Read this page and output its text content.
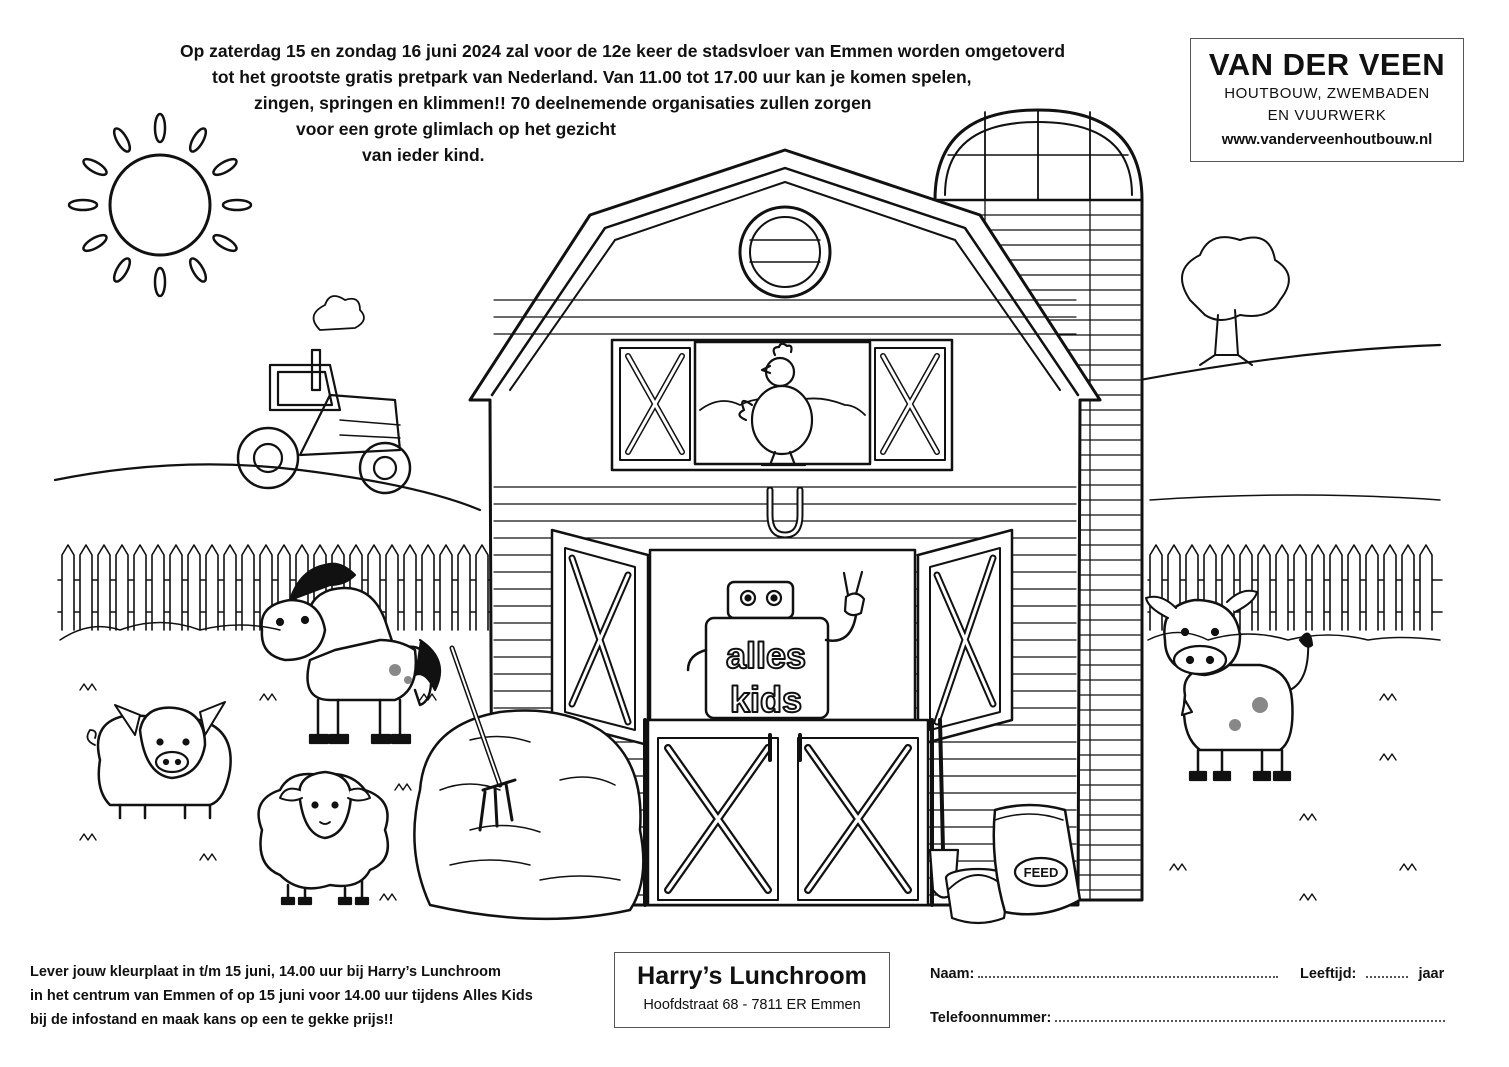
Op zaterdag 15 en zondag 16 juni 2024 zal voor de 12e keer de stadsvloer van Emmen worden omgetoverd
tot het grootste gratis pretpark van Nederland. Van 11.00 tot 17.00 uur kan je komen spelen,
zingen, springen en klimmen!! 70 deelnemende organisaties zullen zorgen
voor een grote glimlach op het gezicht
van ieder kind.
VAN DER VEEN
HOUTBOUW, ZWEMBADEN
EN VUURWERK
www.vanderveenhoutbouw.nl
alles
kids
FEED
Lever jouw kleurplaat in t/m 15 juni, 14.00 uur bij Harry’s Lunchroom
in het centrum van Emmen of op 15 juni voor 14.00 uur tijdens Alles Kids
bij de infostand en maak kans op een te gekke prijs!!
Harry’s Lunchroom
Hoofdstraat 68 - 7811 ER Emmen
Naam:	Leeftijd:	jaar
Telefoonnummer:
